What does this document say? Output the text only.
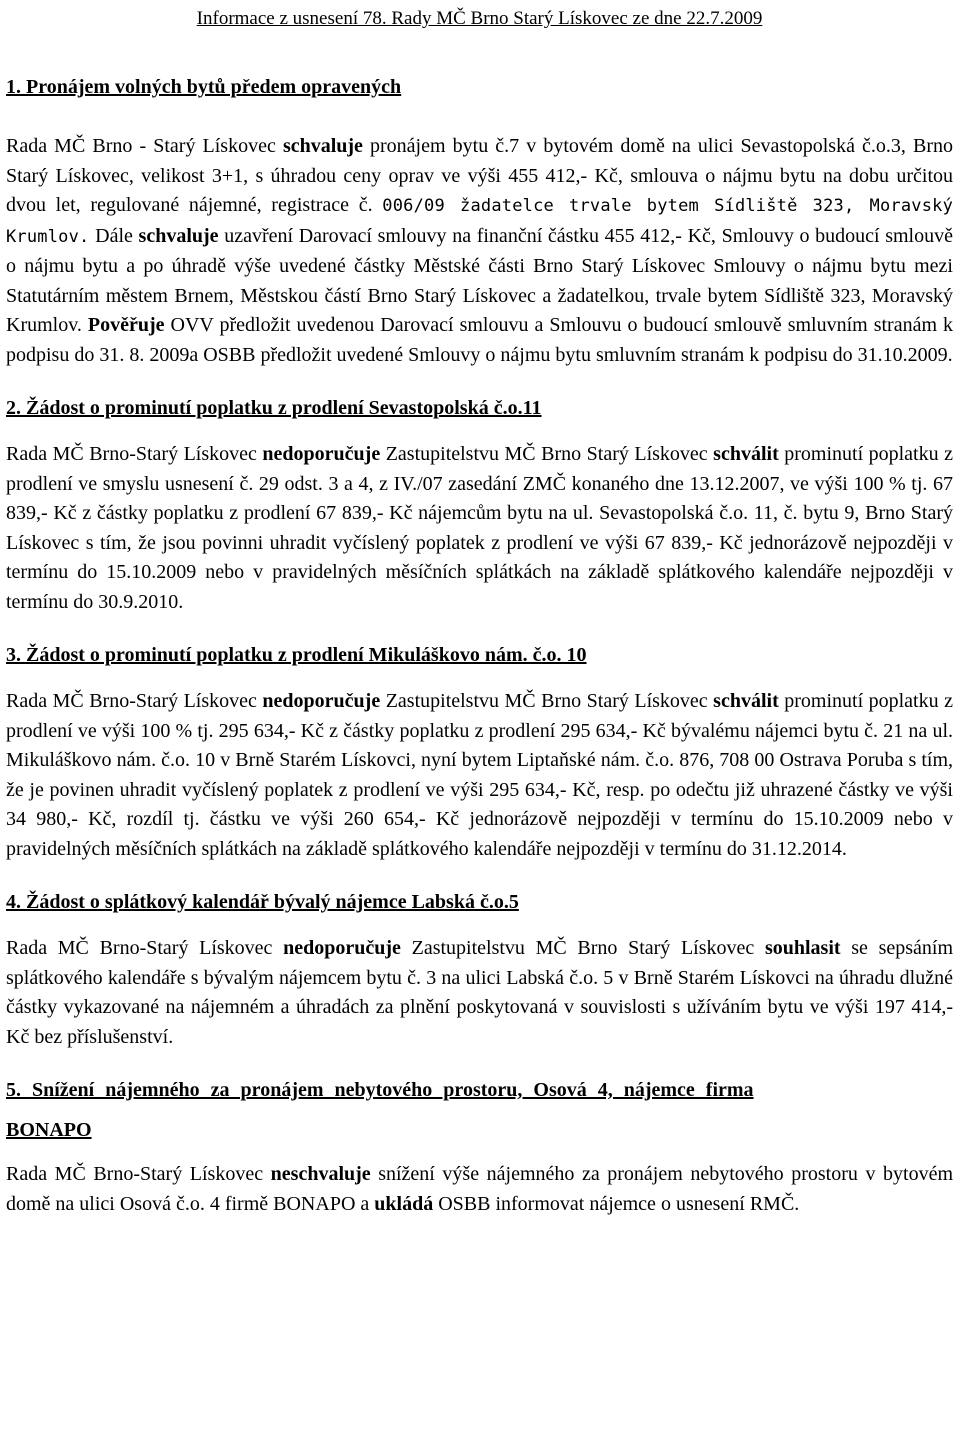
Informace z usnesení 78. Rady MČ Brno Starý Lískovec ze dne 22.7.2009
1. Pronájem volných bytů předem opravených

Rada MČ Brno - Starý Lískovec schvaluje pronájem bytu č.7 v bytovém domě na ulici Sevastopolská č.o.3, Brno Starý Lískovec, velikost 3+1, s úhradou ceny oprav ve výši 455 412,- Kč, smlouva o nájmu bytu na dobu určitou dvou let, regulované nájemné, registrace č. 006/09 žadatelce trvale bytem Sídliště 323, Moravský Krumlov. Dále schvaluje uzavření Darovací smlouvy na finanční částku 455 412,- Kč, Smlouvy o budoucí smlouvě o nájmu bytu a po úhradě výše uvedené částky Městské části Brno Starý Lískovec Smlouvy o nájmu bytu mezi Statutárním městem Brnem, Městskou částí Brno Starý Lískovec a žadatelkou, trvale bytem Sídliště 323, Moravský Krumlov. Pověřuje OVV předložit uvedenou Darovací smlouvu a Smlouvu o budoucí smlouvě smluvním stranám k podpisu do 31. 8. 2009a OSBB předložit uvedené Smlouvy o nájmu bytu smluvním stranám k podpisu do 31.10.2009.

2. Žádost o prominutí poplatku z prodlení Sevastopolská č.o.11

Rada MČ Brno-Starý Lískovec nedoporučuje Zastupitelstvu MČ Brno Starý Lískovec schválit prominutí poplatku z prodlení ve smyslu usnesení č. 29 odst. 3 a 4, z IV./07 zasedání ZMČ konaného dne 13.12.2007, ve výši 100 % tj. 67 839,- Kč z částky poplatku z prodlení 67 839,- Kč nájemcům bytu na ul. Sevastopolská č.o. 11, č. bytu 9, Brno Starý Lískovec s tím, že jsou povinni uhradit vyčíslený poplatek z prodlení ve výši 67 839,- Kč jednorázově nejpozději v termínu do 15.10.2009 nebo v pravidelných měsíčních splátkách na základě splátkového kalendáře nejpozději v termínu do 30.9.2010.

3. Žádost o prominutí poplatku z prodlení Mikuláškovo nám. č.o. 10

Rada MČ Brno-Starý Lískovec nedoporučuje Zastupitelstvu MČ Brno Starý Lískovec schválit prominutí poplatku z prodlení ve výši 100 % tj. 295 634,- Kč z částky poplatku z prodlení 295 634,- Kč bývalému nájemci bytu č. 21 na ul. Mikuláškovo nám. č.o. 10 v Brně Starém Lískovci, nyní bytem Liptaňské nám. č.o. 876, 708 00 Ostrava Poruba s tím, že je povinen uhradit vyčíslený poplatek z prodlení ve výši 295 634,- Kč, resp. po odečtu již uhrazené částky ve výši 34 980,- Kč, rozdíl tj. částku ve výši 260 654,- Kč jednorázově nejpozději v termínu do 15.10.2009 nebo v pravidelných měsíčních splátkách na základě splátkového kalendáře nejpozději v termínu do 31.12.2014.

4. Žádost o splátkový kalendář bývalý nájemce Labská č.o.5

Rada MČ Brno-Starý Lískovec nedoporučuje Zastupitelstvu MČ Brno Starý Lískovec souhlasit se sepsáním splátkového kalendáře s bývalým nájemcem bytu č. 3 na ulici Labská č.o. 5 v Brně Starém Lískovci na úhradu dlužné částky vykazované na nájemném a úhradách za plnění poskytovaná v souvislosti s užíváním bytu ve výši 197 414,- Kč bez příslušenství.

5. Snížení nájemného za pronájem nebytového prostoru, Osová 4, nájemce firma
BONAPO

Rada MČ Brno-Starý Lískovec neschvaluje snížení výše nájemného za pronájem nebytového prostoru v bytovém domě na ulici Osová č.o. 4 firmě BONAPO a ukládá OSBB informovat nájemce o usnesení RMČ.
